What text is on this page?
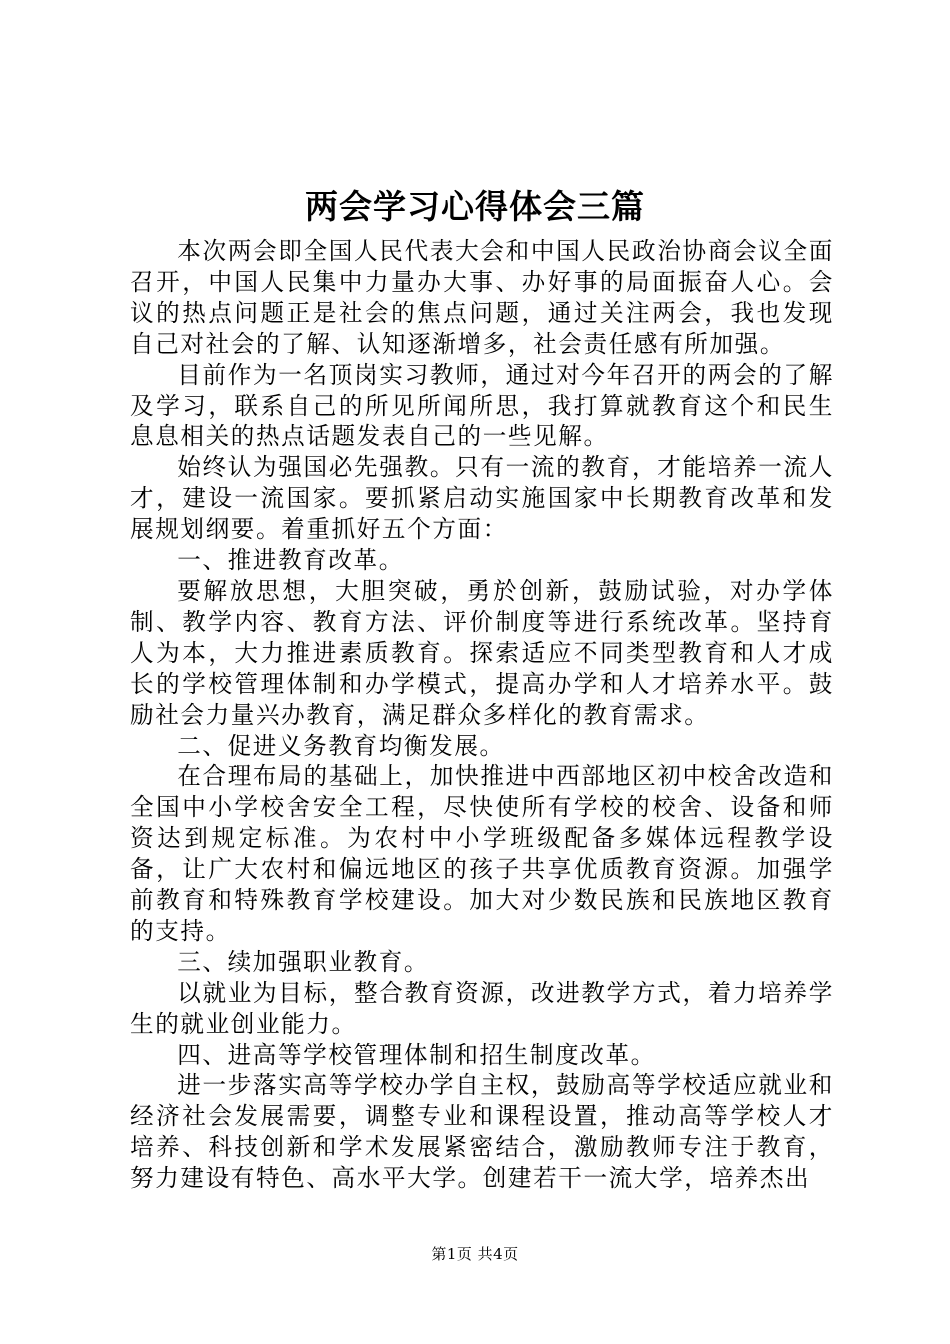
两会学习心得体会三篇

本次两会即全国人民代表大会和中国人民政治协商会议全面召开，中国人民集中力量办大事、办好事的局面振奋人心。会议的热点问题正是社会的焦点问题，通过关注两会，我也发现自己对社会的了解、认知逐渐增多，社会责任感有所加强。

目前作为一名顶岗实习教师，通过对今年召开的两会的了解及学习，联系自己的所见所闻所思，我打算就教育这个和民生息息相关的热点话题发表自己的一些见解。

始终认为强国必先强教。只有一流的教育，才能培养一流人才，建设一流国家。要抓紧启动实施国家中长期教育改革和发展规划纲要。着重抓好五个方面：

一、推进教育改革。

要解放思想，大胆突破，勇於创新，鼓励试验，对办学体制、教学内容、教育方法、评价制度等进行系统改革。坚持育人为本，大力推进素质教育。探索适应不同类型教育和人才成长的学校管理体制和办学模式，提高办学和人才培养水平。鼓励社会力量兴办教育，满足群众多样化的教育需求。

二、促进义务教育均衡发展。

在合理布局的基础上，加快推进中西部地区初中校舍改造和全国中小学校舍安全工程，尽快使所有学校的校舍、设备和师资达到规定标准。为农村中小学班级配备多媒体远程教学设备，让广大农村和偏远地区的孩子共享优质教育资源。加强学前教育和特殊教育学校建设。加大对少数民族和民族地区教育的支持。

三、续加强职业教育。

以就业为目标，整合教育资源，改进教学方式，着力培养学生的就业创业能力。

四、进高等学校管理体制和招生制度改革。

进一步落实高等学校办学自主权，鼓励高等学校适应就业和经济社会发展需要，调整专业和课程设置，推动高等学校人才培养、科技创新和学术发展紧密结合，激励教师专注于教育，努力建设有特色、高水平大学。创建若干一流大学，培养杰出

第1页 共4页
